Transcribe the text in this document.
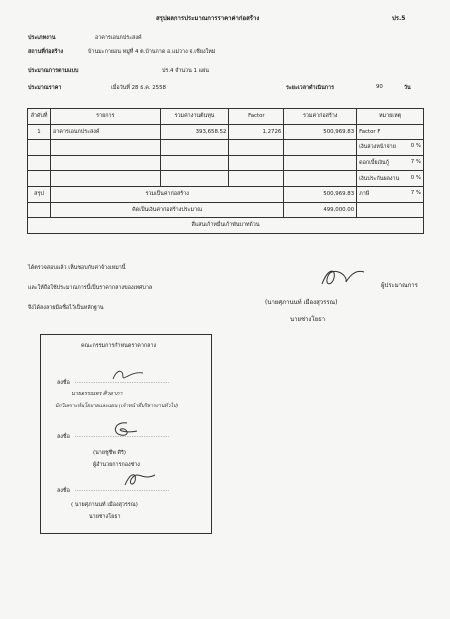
สรุปผลการประมาณการราคาค่าก่อสร้าง	ปร.5
ประเภทงาน	อาคารเอนกประสงค์
สถานที่ก่อสร้าง	บ้านมะกายอน หมู่ที่ 4 ต.บ้านกาด อ.แม่วาง จ.เชียงใหม่
ประมาณการตามแบบ	ปร.4 จำนวน 1 แผ่น
ประมาณราคา	เมื่อวันที่ 28 ธ.ค. 2558	ระยะเวลาดำเนินการ	90	วัน
ลำดับที่	รายการ	รวมค่างานต้นทุน	Factor	รวมค่าก่อสร้าง	หมายเหตุ
1	อาคารเอนกประสงค์	393,658.52	1.2726	500,969.83	Factor F
					เงินล่วงหน้าจ่าย 0 %

					ดอกเบี้ยเงินกู้ 7 %

					เงินประกันผลงาน 0 %

สรุป	รวมเป็นค่าก่อสร้าง			500,969.83	ภาษี 7 %

	คิดเป็นเงินค่าก่อสร้างประมาณ			499,000.00	
สี่แสนเก้าหมื่นเก้าพันบาทถ้วน					
ได้ตรวจสอบแล้ว เห็นชอบกับค่าจ้างเหมานี้
และให้ถือใช้ประมาณการนี้เป็นราคากลางของเทศบาล
จึงได้ลงลายมือชื่อไว้เป็นหลักฐาน
ผู้ประมาณการ
(นายศุภานนท์ เมืองสุวรรณ)
นายช่างโยธา
คณะกรรมการกำหนดราคากลาง
ลงชื่อ .......................................................
นายอรรณพร ศิวอาภา
นักวิเคราะห์นโยบายและแผน (เจ้าหน้าที่บริหารงานทั่วไป)
ลงชื่อ .......................................................
(นายชูชีพ ศิริ)
ผู้อำนวยการกองช่าง
ลงชื่อ .......................................................
( นายศุภานนท์ เมืองสุวรรณ)
นายช่างโยธา
